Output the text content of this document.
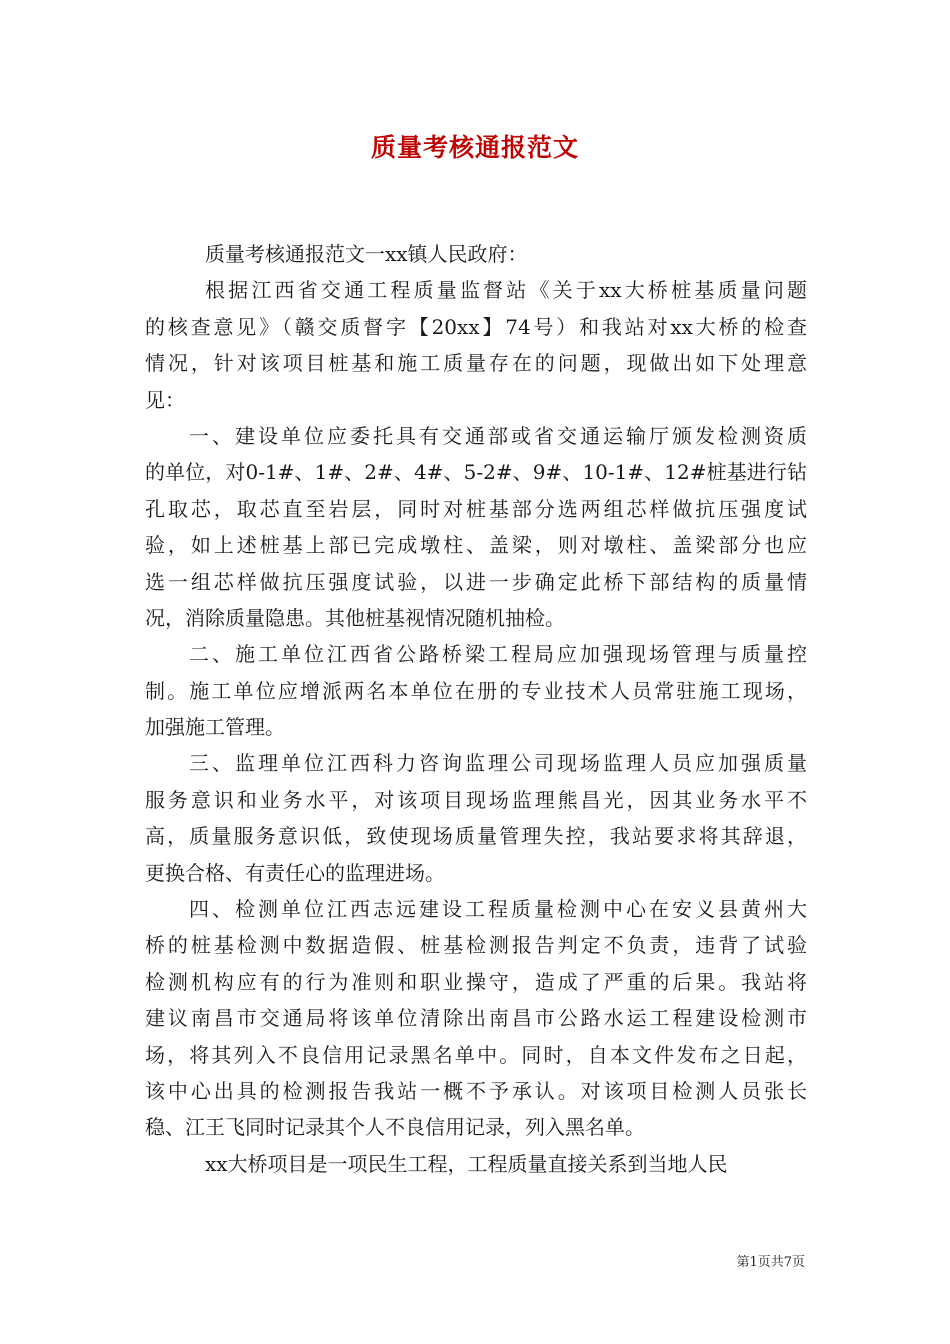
质量考核通报范文

质量考核通报范文一xx镇人民政府：

根据江西省交通工程质量监督站《关于xx大桥桩基质量问题
的核查意见》（赣交质督字【20xx】74号）和我站对xx大桥的检查
情况，针对该项目桩基和施工质量存在的问题，现做出如下处理意
见：

一、建设单位应委托具有交通部或省交通运输厅颁发检测资质
的单位，对0-1#、1#、2#、4#、5-2#、9#、10-1#、12#桩基进行钻
孔取芯，取芯直至岩层，同时对桩基部分选两组芯样做抗压强度试
验，如上述桩基上部已完成墩柱、盖梁，则对墩柱、盖梁部分也应
选一组芯样做抗压强度试验，以进一步确定此桥下部结构的质量情
况，消除质量隐患。其他桩基视情况随机抽检。

二、施工单位江西省公路桥梁工程局应加强现场管理与质量控
制。施工单位应增派两名本单位在册的专业技术人员常驻施工现场，
加强施工管理。

三、监理单位江西科力咨询监理公司现场监理人员应加强质量
服务意识和业务水平，对该项目现场监理熊昌光，因其业务水平不
高，质量服务意识低，致使现场质量管理失控，我站要求将其辞退，
更换合格、有责任心的监理进场。

四、检测单位江西志远建设工程质量检测中心在安义县黄州大
桥的桩基检测中数据造假、桩基检测报告判定不负责，违背了试验
检测机构应有的行为准则和职业操守，造成了严重的后果。我站将
建议南昌市交通局将该单位清除出南昌市公路水运工程建设检测市
场，将其列入不良信用记录黑名单中。同时，自本文件发布之日起，
该中心出具的检测报告我站一概不予承认。对该项目检测人员张长
稳、江王飞同时记录其个人不良信用记录，列入黑名单。

xx大桥项目是一项民生工程，工程质量直接关系到当地人民

第1页共7页
